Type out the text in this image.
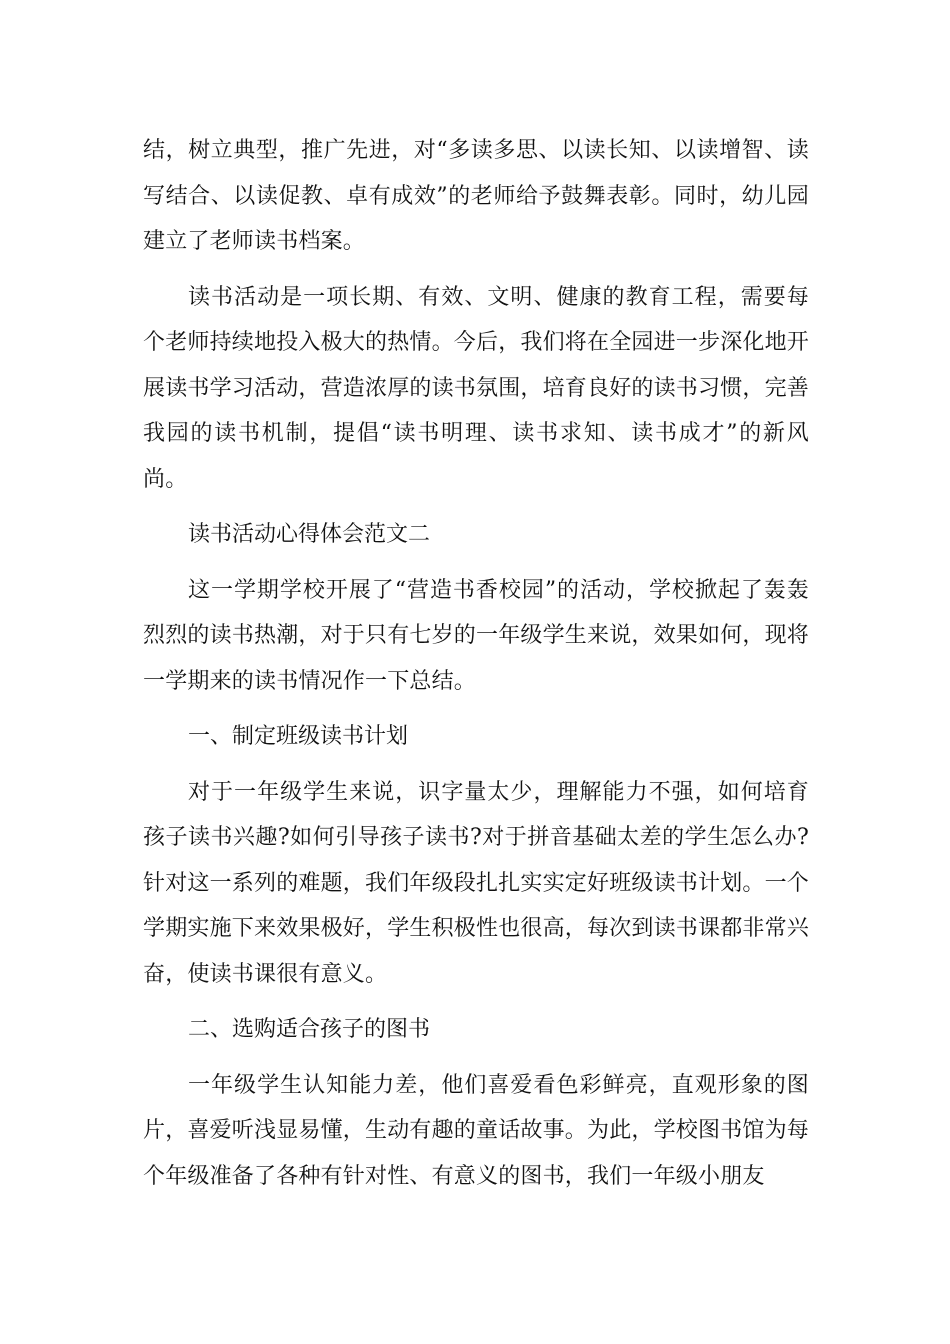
结，树立典型，推广先进，对“多读多思、以读长知、以读增智、读写结合、以读促教、卓有成效”的老师给予鼓舞表彰。同时，幼儿园建立了老师读书档案。

读书活动是一项长期、有效、文明、健康的教育工程，需要每个老师持续地投入极大的热情。今后，我们将在全园进一步深化地开展读书学习活动，营造浓厚的读书氛围，培育良好的读书习惯，完善我园的读书机制，提倡“读书明理、读书求知、读书成才”的新风尚。

读书活动心得体会范文二

这一学期学校开展了“营造书香校园”的活动，学校掀起了轰轰烈烈的读书热潮，对于只有七岁的一年级学生来说，效果如何，现将一学期来的读书情况作一下总结。

一、制定班级读书计划

对于一年级学生来说，识字量太少，理解能力不强，如何培育孩子读书兴趣?如何引导孩子读书?对于拼音基础太差的学生怎么办?针对这一系列的难题，我们年级段扎扎实实定好班级读书计划。一个学期实施下来效果极好，学生积极性也很高，每次到读书课都非常兴奋，使读书课很有意义。

二、选购适合孩子的图书

一年级学生认知能力差，他们喜爱看色彩鲜亮，直观形象的图片，喜爱听浅显易懂，生动有趣的童话故事。为此，学校图书馆为每个年级准备了各种有针对性、有意义的图书，我们一年级小朋友
